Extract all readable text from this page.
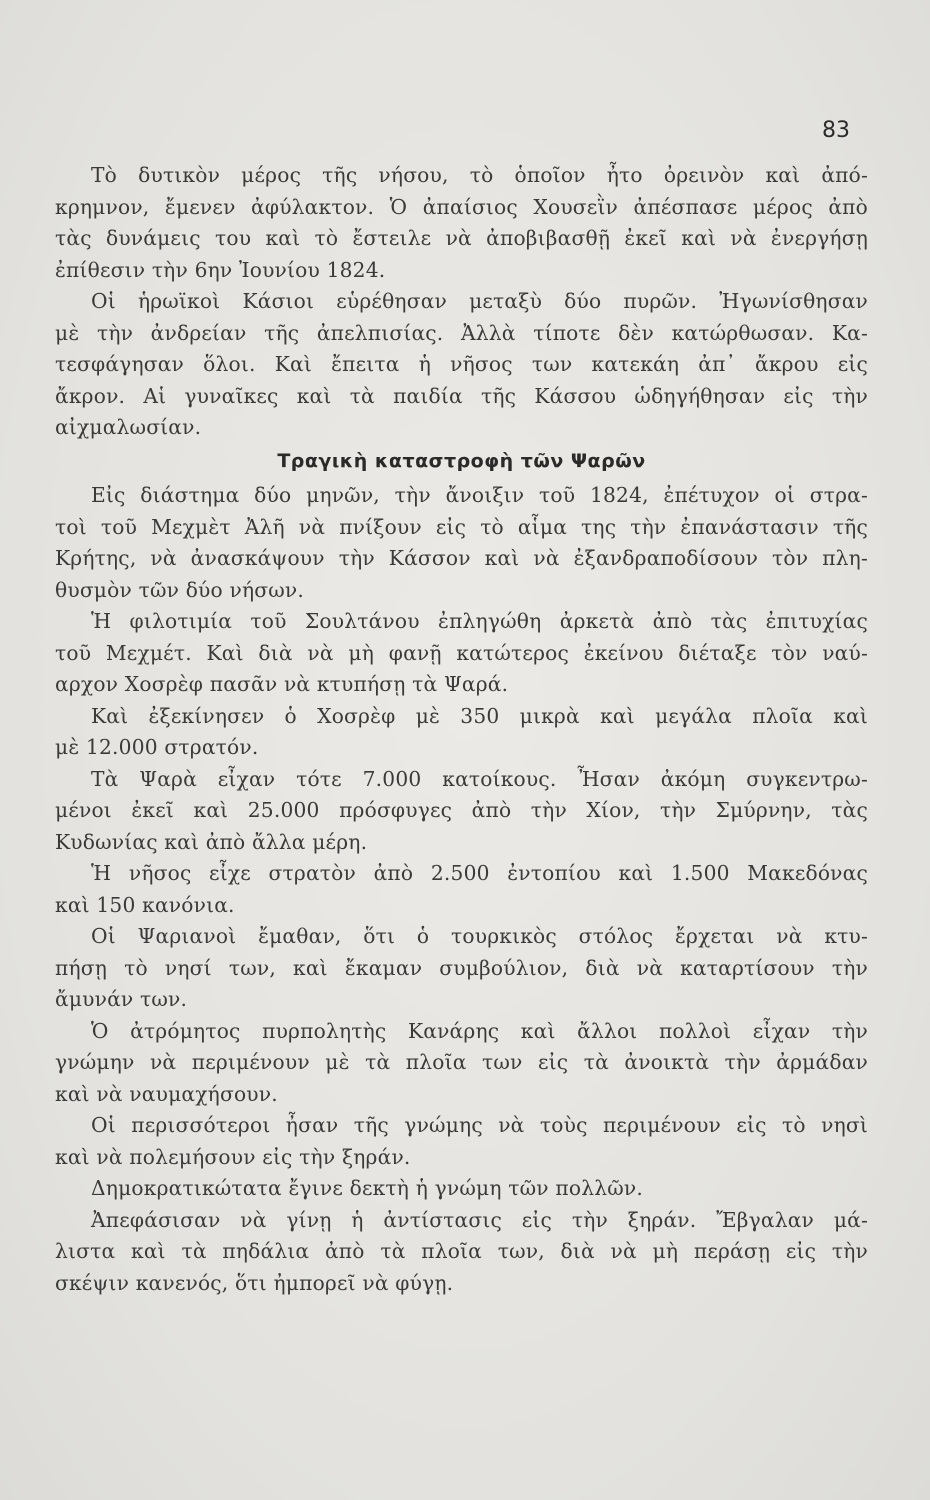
83
Τὸ δυτικὸν μέρος τῆς νήσου, τὸ ὁποῖον ἦτο ὀρεινὸν καὶ ἀπό-
κρημνον, ἔμενεν ἀφύλακτον. Ὁ ἀπαίσιος Χουσεῒν ἀπέσπασε μέρος ἀπὸ
τὰς δυνάμεις του καὶ τὸ ἔστειλε νὰ ἀποβιβασθῇ ἐκεῖ καὶ νὰ ἐνεργήσῃ
ἐπίθεσιν τὴν 6ην Ἰουνίου 1824.
Οἱ ἡρωϊκοὶ Κάσιοι εὑρέθησαν μεταξὺ δύο πυρῶν. Ἠγωνίσθησαν
μὲ τὴν ἀνδρείαν τῆς ἀπελπισίας. Ἀλλὰ τίποτε δὲν κατώρθωσαν. Κα-
τεσφάγησαν ὅλοι. Καὶ ἔπειτα ἡ νῆσος των κατεκάη ἀπ᾿ ἄκρου εἰς
ἄκρον. Αἱ γυναῖκες καὶ τὰ παιδία τῆς Κάσσου ὡδηγήθησαν εἰς τὴν
αἰχμαλωσίαν.
Τραγικὴ καταστροφὴ τῶν Ψαρῶν
Εἰς διάστημα δύο μηνῶν, τὴν ἄνοιξιν τοῦ 1824, ἐπέτυχον οἱ στρα-
τοὶ τοῦ Μεχμὲτ Ἀλῆ νὰ πνίξουν εἰς τὸ αἷμα της τὴν ἐπανάστασιν τῆς
Κρήτης, νὰ ἀνασκάψουν τὴν Κάσσον καὶ νὰ ἐξανδραποδίσουν τὸν πλη-
θυσμὸν τῶν δύο νήσων.
Ἡ φιλοτιμία τοῦ Σουλτάνου ἐπληγώθη ἀρκετὰ ἀπὸ τὰς ἐπιτυχίας
τοῦ Μεχμέτ. Καὶ διὰ νὰ μὴ φανῇ κατώτερος ἐκείνου διέταξε τὸν ναύ-
αρχον Χοσρὲφ πασᾶν νὰ κτυπήσῃ τὰ Ψαρά.
Καὶ ἐξεκίνησεν ὁ Χοσρὲφ μὲ 350 μικρὰ καὶ μεγάλα πλοῖα καὶ
μὲ 12.000 στρατόν.
Τὰ Ψαρὰ εἶχαν τότε 7.000 κατοίκους. Ἦσαν ἀκόμη συγκεντρω-
μένοι ἐκεῖ καὶ 25.000 πρόσφυγες ἀπὸ τὴν Χίον, τὴν Σμύρνην, τὰς
Κυδωνίας καὶ ἀπὸ ἄλλα μέρη.
Ἡ νῆσος εἶχε στρατὸν ἀπὸ 2.500 ἐντοπίου καὶ 1.500 Μακεδόνας
καὶ 150 κανόνια.
Οἱ Ψαριανοὶ ἔμαθαν, ὅτι ὁ τουρκικὸς στόλος ἔρχεται νὰ κτυ-
πήσῃ τὸ νησί των, καὶ ἔκαμαν συμβούλιον, διὰ νὰ καταρτίσουν τὴν
ἄμυνάν των.
Ὁ ἀτρόμητος πυρπολητὴς Κανάρης καὶ ἄλλοι πολλοὶ εἶχαν τὴν
γνώμην νὰ περιμένουν μὲ τὰ πλοῖα των εἰς τὰ ἀνοικτὰ τὴν ἀρμάδαν
καὶ νὰ ναυμαχήσουν.
Οἱ περισσότεροι ἦσαν τῆς γνώμης νὰ τοὺς περιμένουν εἰς τὸ νησὶ
καὶ νὰ πολεμήσουν εἰς τὴν ξηράν.
Δημοκρατικώτατα ἔγινε δεκτὴ ἡ γνώμη τῶν πολλῶν.
Ἀπεφάσισαν νὰ γίνῃ ἡ ἀντίστασις εἰς τὴν ξηράν. Ἔβγαλαν μά-
λιστα καὶ τὰ πηδάλια ἀπὸ τὰ πλοῖα των, διὰ νὰ μὴ περάσῃ εἰς τὴν
σκέψιν κανενός, ὅτι ἠμπορεῖ νὰ φύγῃ.
